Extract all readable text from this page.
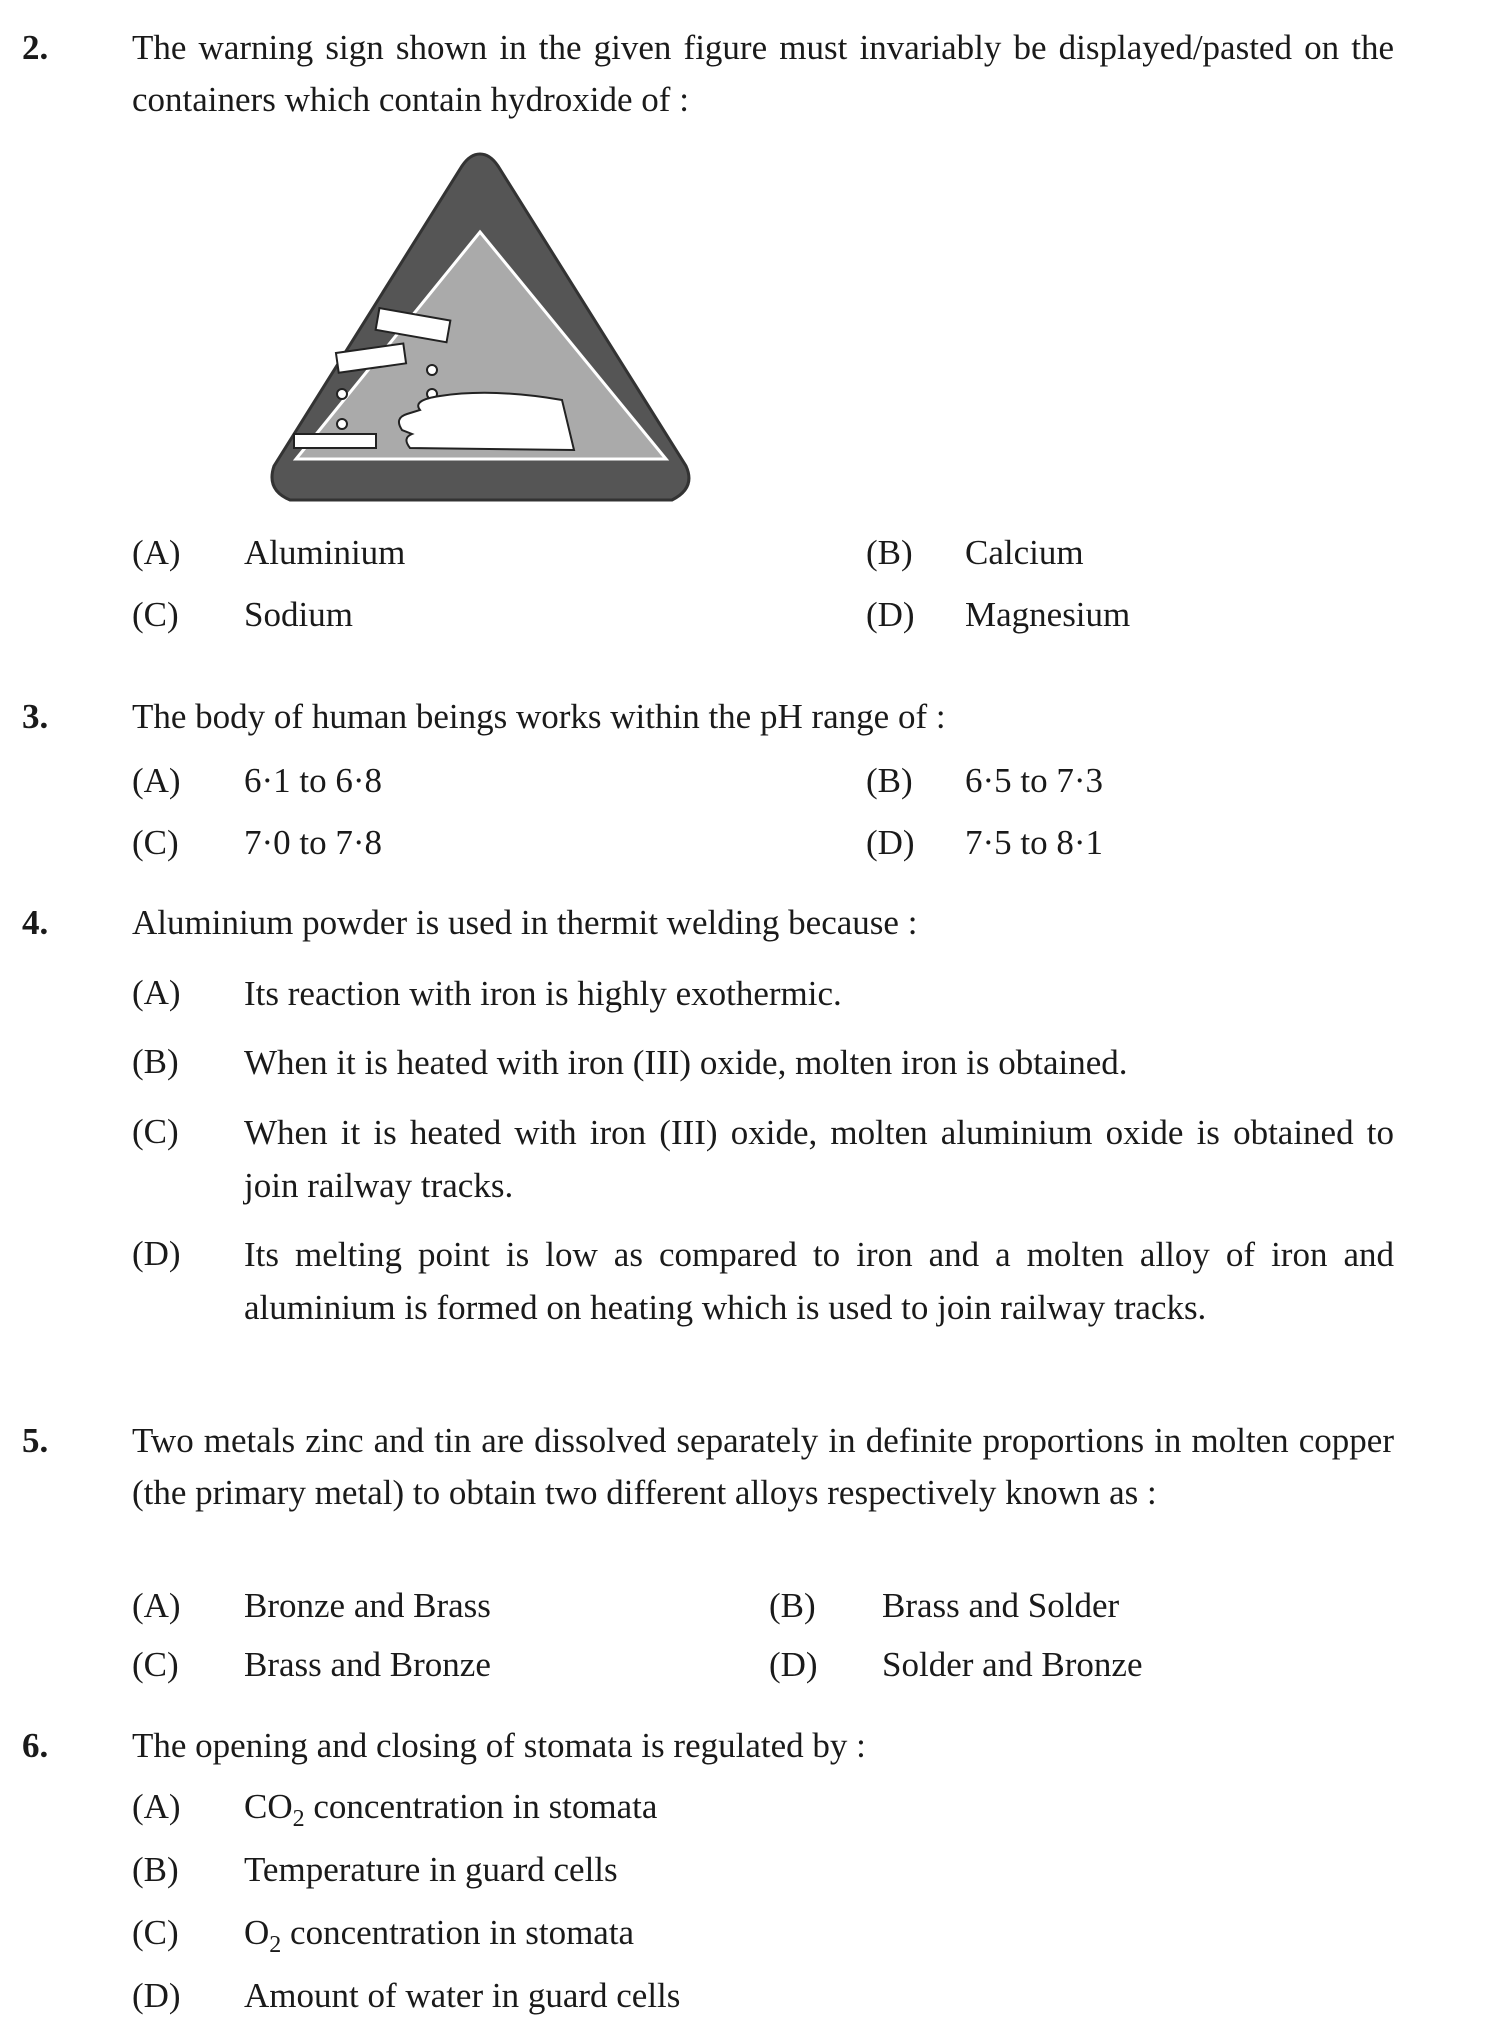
2. The warning sign shown in the given figure must invariably be displayed/pasted on the containers which contain hydroxide of :
(A) Aluminium	(B) Calcium
(C) Sodium	(D) Magnesium
3. The body of human beings works within the pH range of :
(A) 6·1 to 6·8	(B) 6·5 to 7·3
(C) 7·0 to 7·8	(D) 7·5 to 8·1
4. Aluminium powder is used in thermit welding because :
(A) Its reaction with iron is highly exothermic.
(B) When it is heated with iron (III) oxide, molten iron is obtained.
(C) When it is heated with iron (III) oxide, molten aluminium oxide is obtained to join railway tracks.
(D) Its melting point is low as compared to iron and a molten alloy of iron and aluminium is formed on heating which is used to join railway tracks.
5. Two metals zinc and tin are dissolved separately in definite proportions in molten copper (the primary metal) to obtain two different alloys respectively known as :
(A) Bronze and Brass	(B) Brass and Solder
(C) Brass and Bronze	(D) Solder and Bronze
6. The opening and closing of stomata is regulated by :
(A) $CO_2$ concentration in stomata
(B) Temperature in guard cells
(C) $O_2$ concentration in stomata
(D) Amount of water in guard cells
